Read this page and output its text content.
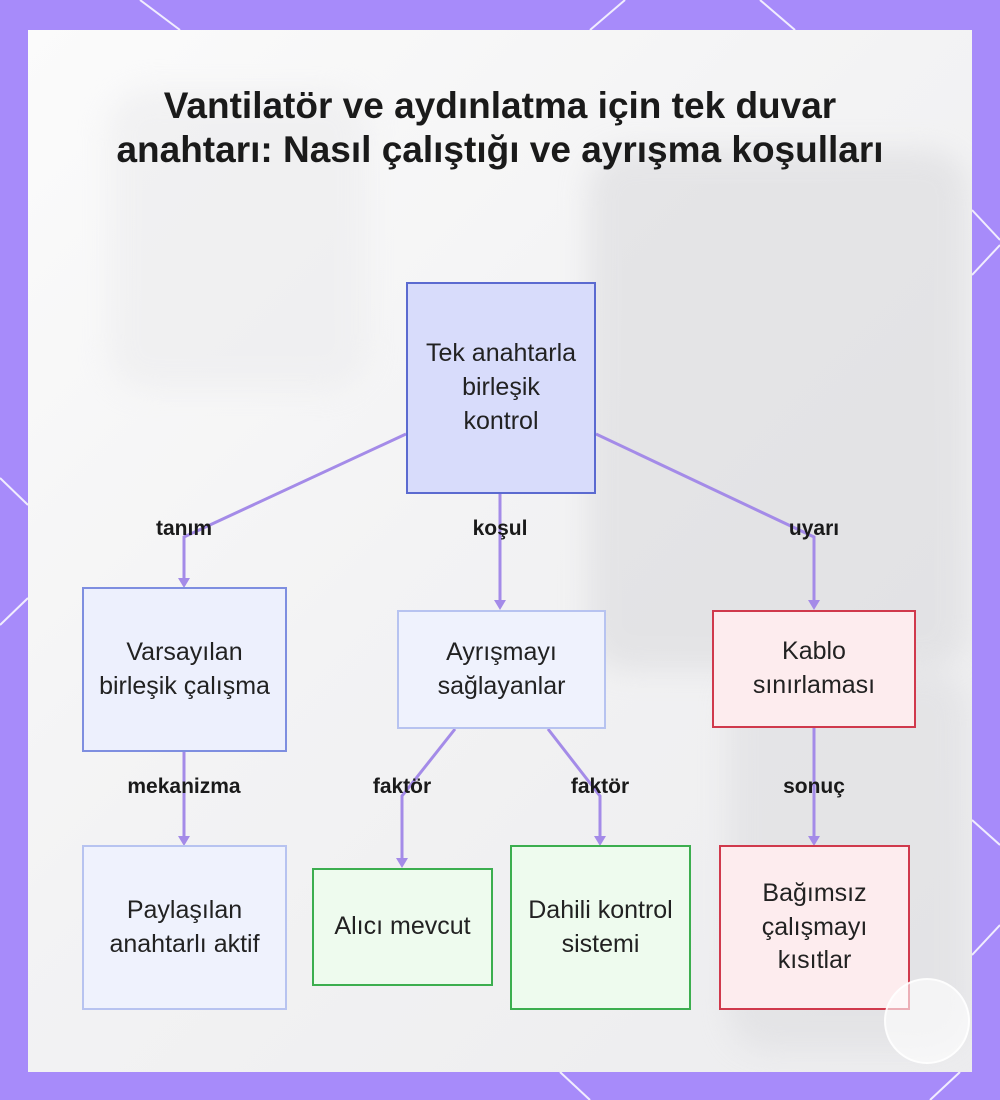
Vantilatör ve aydınlatma için tek duvar anahtarı: Nasıl çalıştığı ve ayrışma koşulları
tanım	koşul	uyarı
mekanizma	faktör	faktör	sonuç
Tek anahtarla birleşik kontrol
Varsayılan birleşik çalışma
Ayrışmayı sağlayanlar
Kablo sınırlaması
Paylaşılan anahtarlı aktif
Alıcı mevcut
Dahili kontrol sistemi
Bağımsız çalışmayı kısıtlar
